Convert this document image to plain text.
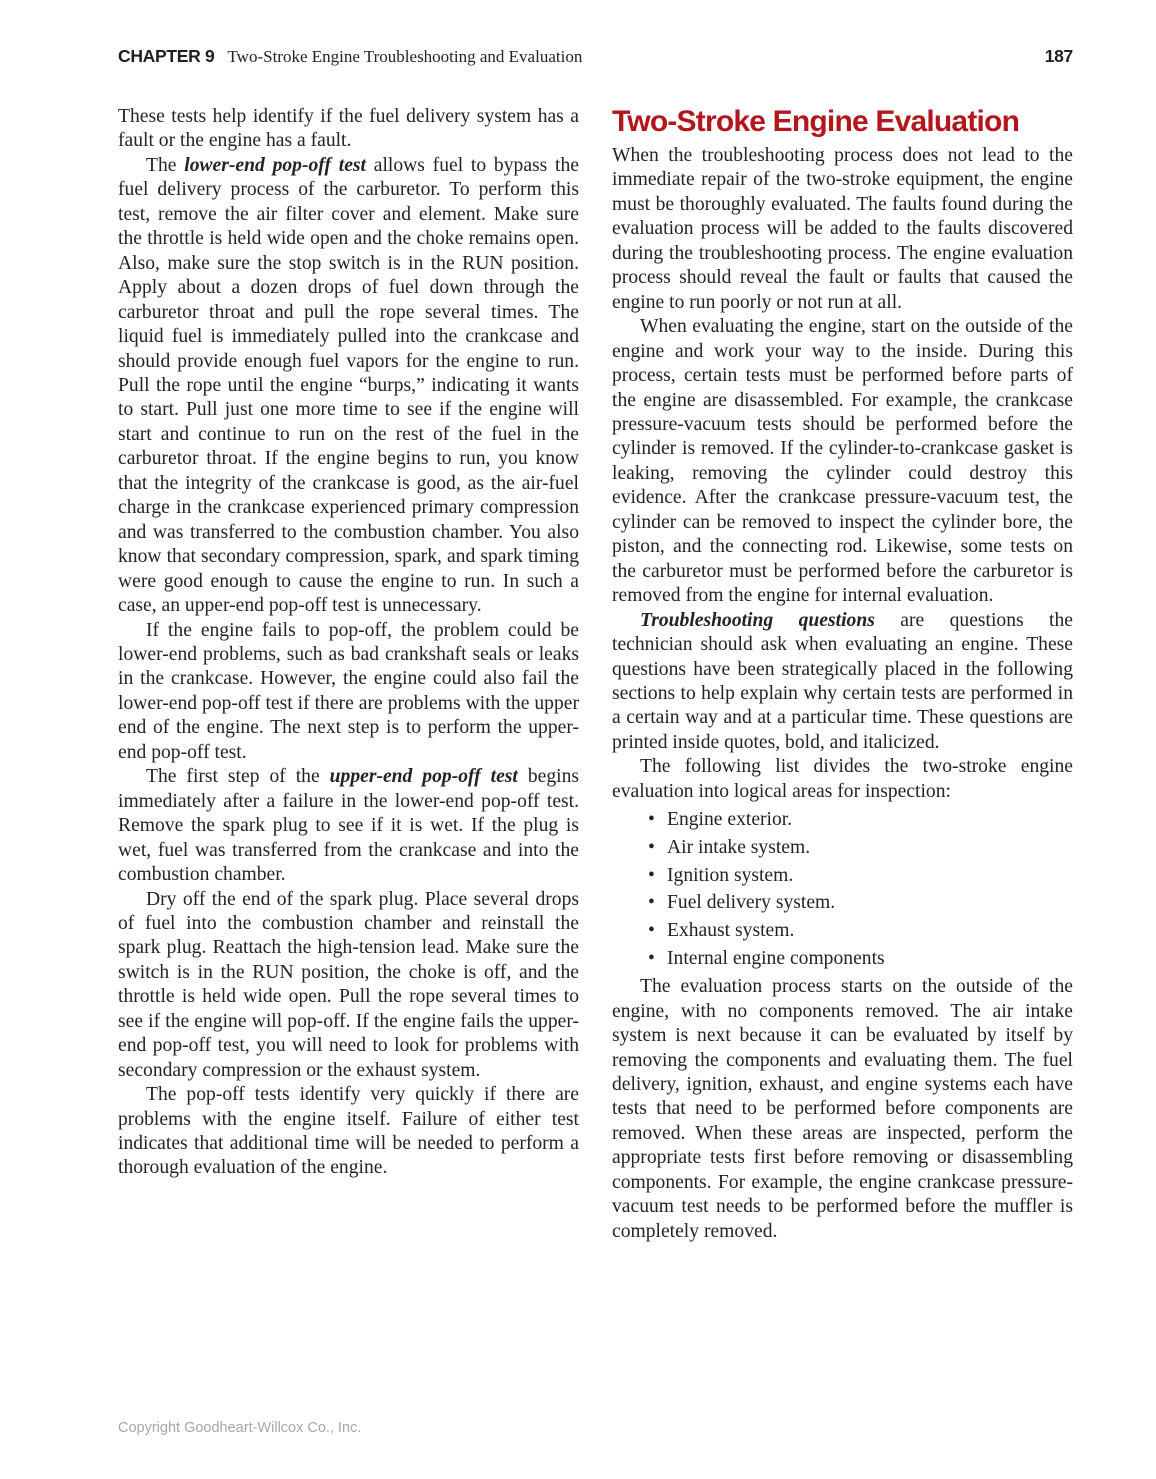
CHAPTER 9 Two-Stroke Engine Troubleshooting and Evaluation	187

These tests help identify if the fuel delivery system has a fault or the engine has a fault.

The lower-end pop-off test allows fuel to bypass the fuel delivery process of the carburetor. To perform this test, remove the air filter cover and element. Make sure the throttle is held wide open and the choke remains open. Also, make sure the stop switch is in the RUN position. Apply about a dozen drops of fuel down through the carburetor throat and pull the rope several times. The liquid fuel is immediately pulled into the crankcase and should provide enough fuel vapors for the engine to run. Pull the rope until the engine “burps,” indicating it wants to start. Pull just one more time to see if the engine will start and continue to run on the rest of the fuel in the carburetor throat. If the engine begins to run, you know that the integrity of the crankcase is good, as the air-fuel charge in the crankcase experienced primary compression and was transferred to the combustion chamber. You also know that secondary compression, spark, and spark timing were good enough to cause the engine to run. In such a case, an upper-end pop-off test is unnecessary.

If the engine fails to pop-off, the problem could be lower-end problems, such as bad crankshaft seals or leaks in the crankcase. However, the engine could also fail the lower-end pop-off test if there are problems with the upper end of the engine. The next step is to perform the upper-end pop-off test.

The first step of the upper-end pop-off test begins immediately after a failure in the lower-end pop-off test. Remove the spark plug to see if it is wet. If the plug is wet, fuel was transferred from the crankcase and into the combustion chamber.

Dry off the end of the spark plug. Place several drops of fuel into the combustion chamber and reinstall the spark plug. Reattach the high-tension lead. Make sure the switch is in the RUN position, the choke is off, and the throttle is held wide open. Pull the rope several times to see if the engine will pop-off. If the engine fails the upper-end pop-off test, you will need to look for problems with secondary compression or the exhaust system.

The pop-off tests identify very quickly if there are problems with the engine itself. Failure of either test indicates that additional time will be needed to perform a thorough evaluation of the engine.

Two-Stroke Engine Evaluation

When the troubleshooting process does not lead to the immediate repair of the two-stroke equipment, the engine must be thoroughly evaluated. The faults found during the evaluation process will be added to the faults discovered during the troubleshooting process. The engine evaluation process should reveal the fault or faults that caused the engine to run poorly or not run at all.

When evaluating the engine, start on the outside of the engine and work your way to the inside. During this process, certain tests must be performed before parts of the engine are disassembled. For example, the crankcase pressure-vacuum tests should be performed before the cylinder is removed. If the cylinder-to-crankcase gasket is leaking, removing the cylinder could destroy this evidence. After the crankcase pressure-vacuum test, the cylinder can be removed to inspect the cylinder bore, the piston, and the connecting rod. Likewise, some tests on the carburetor must be performed before the carburetor is removed from the engine for internal evaluation.

Troubleshooting questions are questions the technician should ask when evaluating an engine. These questions have been strategically placed in the following sections to help explain why certain tests are performed in a certain way and at a particular time. These questions are printed inside quotes, bold, and italicized.

The following list divides the two-stroke engine evaluation into logical areas for inspection:

• Engine exterior.
• Air intake system.
• Ignition system.
• Fuel delivery system.
• Exhaust system.
• Internal engine components

The evaluation process starts on the outside of the engine, with no components removed. The air intake system is next because it can be evaluated by itself by removing the components and evaluating them. The fuel delivery, ignition, exhaust, and engine systems each have tests that need to be performed before components are removed. When these areas are inspected, perform the appropriate tests first before removing or disassembling components. For example, the engine crankcase pressure-vacuum test needs to be performed before the muffler is completely removed.

Copyright Goodheart-Willcox Co., Inc.
